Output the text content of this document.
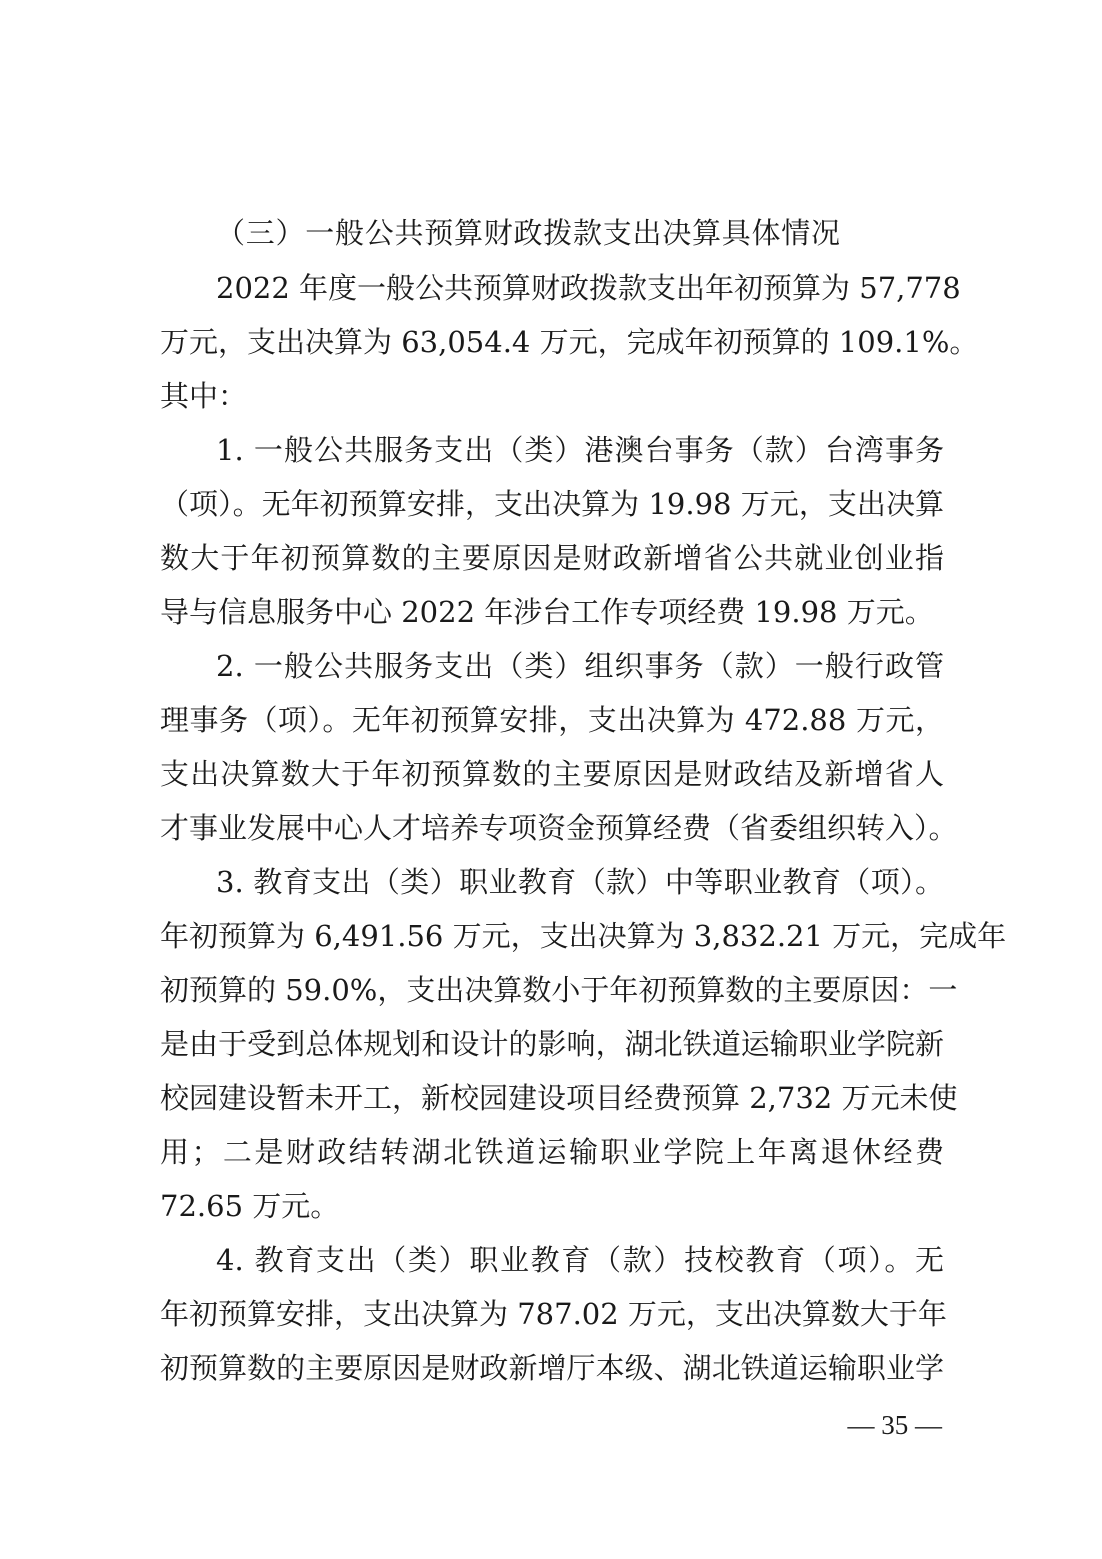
（三）一般公共预算财政拨款支出决算具体情况
2022 年度一般公共预算财政拨款支出年初预算为 57,778
万元，支出决算为 63,054.4 万元，完成年初预算的 109.1%。
其中：
1. 一般公共服务支出（类）港澳台事务（款）台湾事务
（项）。无年初预算安排，支出决算为 19.98 万元，支出决算
数大于年初预算数的主要原因是财政新增省公共就业创业指
导与信息服务中心 2022 年涉台工作专项经费 19.98 万元。
2. 一般公共服务支出（类）组织事务（款）一般行政管
理事务（项）。无年初预算安排，支出决算为 472.88 万元，
支出决算数大于年初预算数的主要原因是财政结及新增省人
才事业发展中心人才培养专项资金预算经费（省委组织转入）。
3. 教育支出（类）职业教育（款）中等职业教育（项）。
年初预算为 6,491.56 万元，支出决算为 3,832.21 万元，完成年
初预算的 59.0%，支出决算数小于年初预算数的主要原因：一
是由于受到总体规划和设计的影响，湖北铁道运输职业学院新
校园建设暂未开工，新校园建设项目经费预算 2,732 万元未使
用；二是财政结转湖北铁道运输职业学院上年离退休经费
72.65 万元。
4. 教育支出（类）职业教育（款）技校教育（项）。无
年初预算安排，支出决算为 787.02 万元，支出决算数大于年
初预算数的主要原因是财政新增厅本级、湖北铁道运输职业学
— 35 —
